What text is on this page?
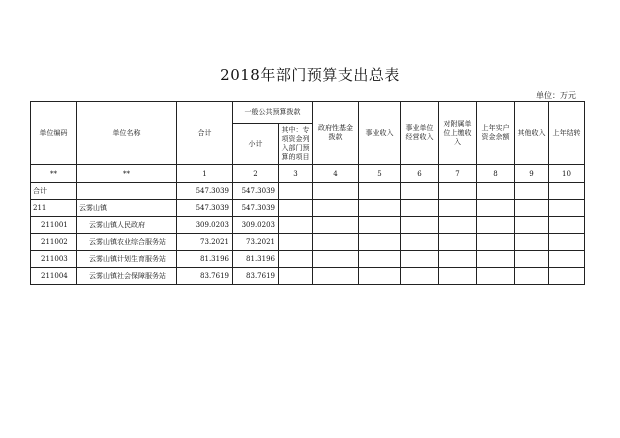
2018年部门预算支出总表
单位：万元
单位编码	单位名称	合计	一般公共预算拨款		政府性基金拨款	事业收入	事业单位经营收入	对附属单位上缴收入	上年实户资金余额	其他收入	上年结转
			小计	其中：专项资金列入部门预算的项目							
**	**	1	2	3	4	5	6	7	8	9	10
合计		547.3039	547.3039								
211	云雾山镇	547.3039	547.3039								
211001	云雾山镇人民政府	309.0203	309.0203								
211002	云雾山镇农业综合服务站	73.2021	73.2021								
211003	云雾山镇计划生育服务站	81.3196	81.3196								
211004	云雾山镇社会保障服务站	83.7619	83.7619								
